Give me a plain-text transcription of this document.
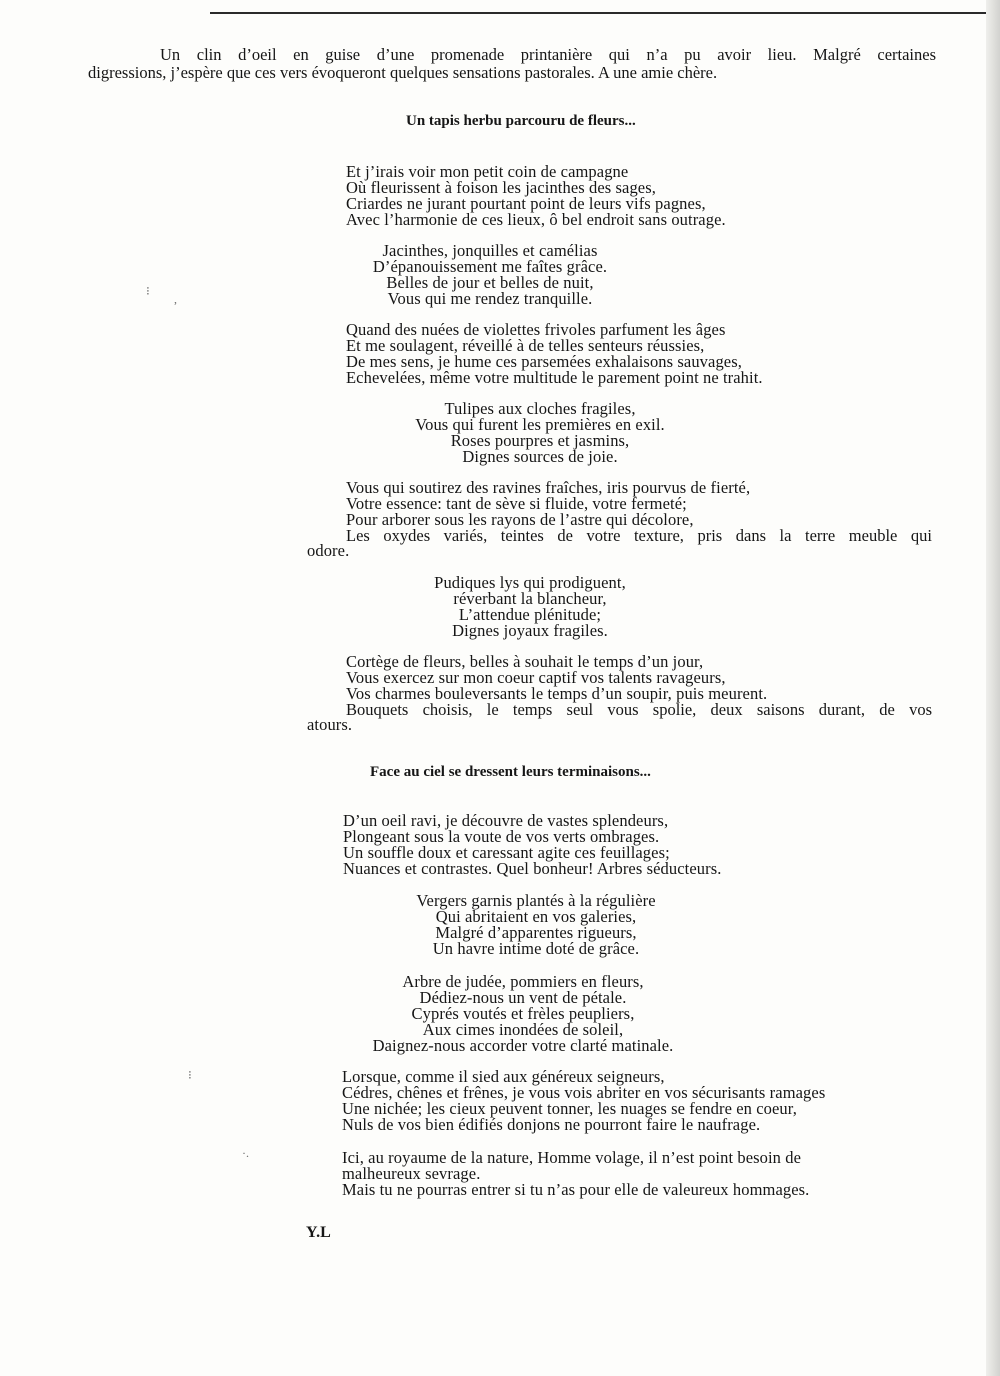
Un clin d’oeil en guise d’une promenade printanière qui n’a pu avoir lieu. Malgré certaines
digressions, j’espère que ces vers évoqueront quelques sensations pastorales. A une amie chère.
Un tapis herbu parcouru de fleurs...
Et j’irais voir mon petit coin de campagne
Où fleurissent à foison les jacinthes des sages,
Criardes ne jurant pourtant point de leurs vifs pagnes,
Avec l’harmonie de ces lieux, ô bel endroit sans outrage.
Jacinthes, jonquilles et camélias
D’épanouissement me faîtes grâce.
Belles de jour et belles de nuit,
Vous qui me rendez tranquille.
Quand des nuées de violettes frivoles parfument les âges
Et me soulagent, réveillé à de telles senteurs réussies,
De mes sens, je hume ces parsemées exhalaisons sauvages,
Echevelées, même votre multitude le parement point ne trahit.
Tulipes aux cloches fragiles,
Vous qui furent les premières en exil.
Roses pourpres et jasmins,
Dignes sources de joie.
Vous qui soutirez des ravines fraîches, iris pourvus de fierté,
Votre essence: tant de sève si fluide, votre fermeté;
Pour arborer sous les rayons de l’astre qui décolore,
Les oxydes variés, teintes de votre texture, pris dans la terre meuble qui
odore.
Pudiques lys qui prodiguent,
réverbant la blancheur,
L’attendue plénitude;
Dignes joyaux fragiles.
Cortège de fleurs, belles à souhait le temps d’un jour,
Vous exercez sur mon coeur captif vos talents ravageurs,
Vos charmes bouleversants le temps d’un soupir, puis meurent.
Bouquets choisis, le temps seul vous spolie, deux saisons durant, de vos
atours.
Face au ciel se dressent leurs terminaisons...
D’un oeil ravi, je découvre de vastes splendeurs,
Plongeant sous la voute de vos verts ombrages.
Un souffle doux et caressant agite ces feuillages;
Nuances et contrastes. Quel bonheur! Arbres séducteurs.
Vergers garnis plantés à la régulière
Qui abritaient en vos galeries,
Malgré d’apparentes rigueurs,
Un havre intime doté de grâce.
Arbre de judée, pommiers en fleurs,
Dédiez-nous un vent de pétale.
Cyprés voutés et frèles peupliers,
Aux cimes inondées de soleil,
Daignez-nous accorder votre clarté matinale.
Lorsque, comme il sied aux généreux seigneurs,
Cédres, chênes et frênes, je vous vois abriter en vos sécurisants ramages
Une nichée; les cieux peuvent tonner, les nuages se fendre en coeur,
Nuls de vos bien édifiés donjons ne pourront faire le naufrage.
Ici, au royaume de la nature, Homme volage, il n’est point besoin de
malheureux sevrage.
Mais tu ne pourras entrer si tu n’as pour elle de valeureux hommages.
Y.L
⁝
,
⁝
·.
